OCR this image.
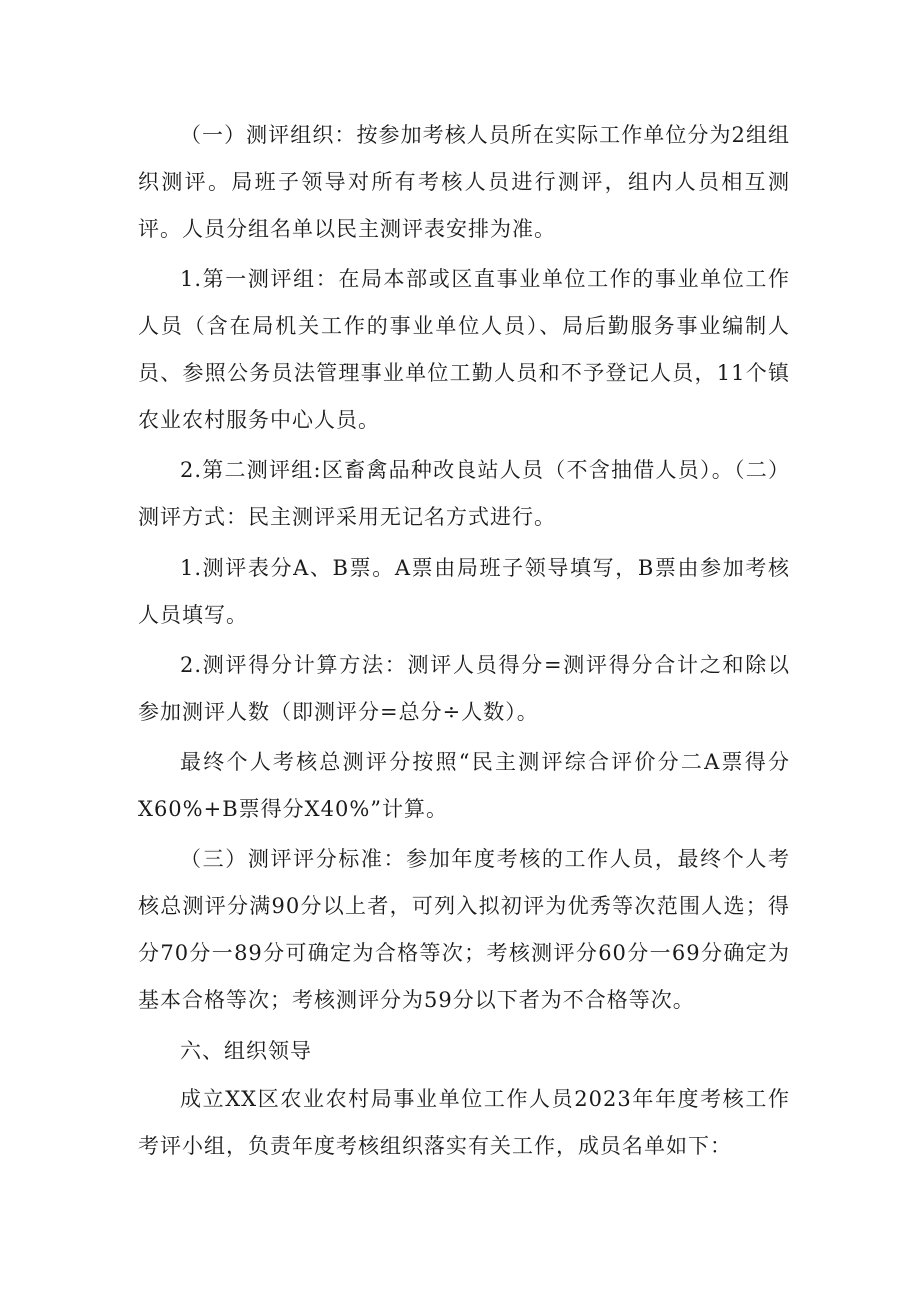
（一）测评组织：按参加考核人员所在实际工作单位分为2组组织测评。局班子领导对所有考核人员进行测评，组内人员相互测评。人员分组名单以民主测评表安排为准。

1.第一测评组：在局本部或区直事业单位工作的事业单位工作人员（含在局机关工作的事业单位人员）、局后勤服务事业编制人员、参照公务员法管理事业单位工勤人员和不予登记人员，11个镇农业农村服务中心人员。

2.第二测评组:区畜禽品种改良站人员（不含抽借人员）。（二）测评方式：民主测评采用无记名方式进行。

1.测评表分A、B票。A票由局班子领导填写，B票由参加考核人员填写。

2.测评得分计算方法：测评人员得分=测评得分合计之和除以参加测评人数（即测评分=总分÷人数）。

最终个人考核总测评分按照“民主测评综合评价分二A票得分X60%+B票得分X40%”计算。

（三）测评评分标准：参加年度考核的工作人员，最终个人考核总测评分满90分以上者，可列入拟初评为优秀等次范围人选；得分70分一89分可确定为合格等次；考核测评分60分一69分确定为基本合格等次；考核测评分为59分以下者为不合格等次。

六、组织领导

成立XX区农业农村局事业单位工作人员2023年年度考核工作考评小组，负责年度考核组织落实有关工作，成员名单如下：
